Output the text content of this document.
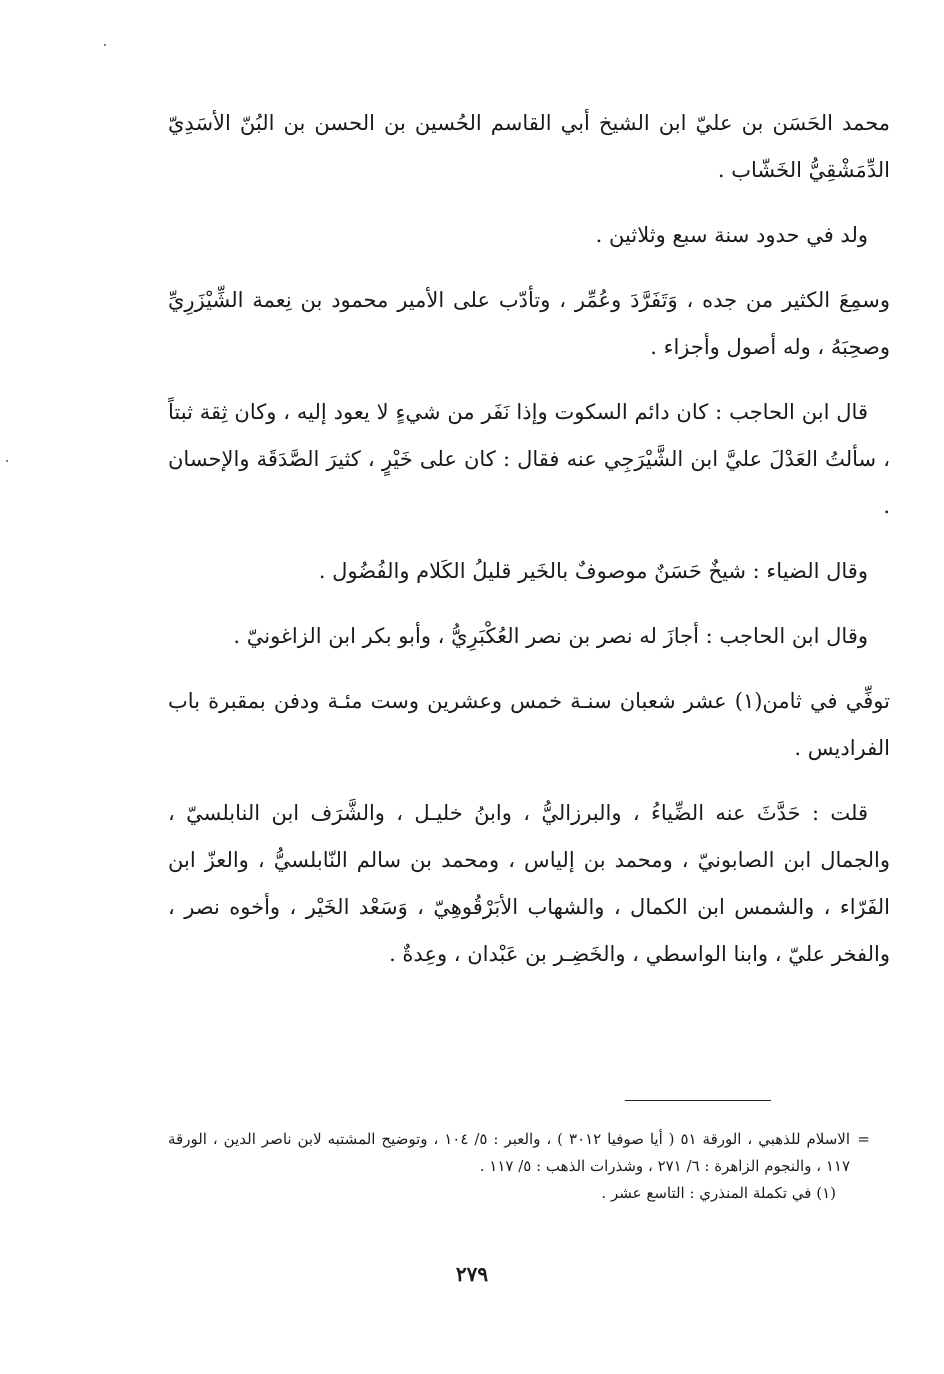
محمد الحَسَن بن عليّ ابن الشيخ أبي القاسم الحُسين بن الحسن بن البُنّ الأسَدِيّ الدِّمَشْقِيُّ الخَشّاب .

ولد في حدود سنة سبع وثلاثين .

وسمِعَ الكثير من جده ، وَتَفَرَّدَ وعُمِّر ، وتأدّب على الأمير محمود بن نِعمة الشِّيْزَرِيِّ وصحِبَهُ ، وله أصول وأجزاء .

قال ابن الحاجب : كان دائم السكوت وإذا نَفَر من شيءٍ لا يعود إليه ، وكان ثِقة ثبتاً ، سألتُ العَدْلَ عليَّ ابن الشَّيْرَجِي عنه فقال : كان على خَيْرٍ ، كثيرَ الصَّدَقَة والإحسان .

وقال الضياء : شيخٌ حَسَنٌ موصوفٌ بالخَير قليلُ الكَلام والفُضُول .

وقال ابن الحاجب : أجازَ له نصر بن نصر العُكْبَرِيُّ ، وأبو بكر ابن الزاغونيّ .

توفِّي في ثامن(١) عشر شعبان سنـة خمس وعشرين وست مئـة ودفن بمقبرة باب الفراديس .

قلت : حَدَّثَ عنه الضِّياءُ ، والبرزاليُّ ، وابنُ خليـل ، والشَّرَف ابن النابلسيّ ، والجمال ابن الصابونيّ ، ومحمد بن إلياس ، ومحمد بن سالم النّابلسيُّ ، والعزّ ابن الفَرّاء ، والشمس ابن الكمال ، والشهاب الأبَرْقُوهِيّ ، وَسَعْد الخَيْر ، وأخوه نصر ، والفخر عليّ ، وابنا الواسطي ، والخَضِـر بن عَبْدان ، وعِدةٌ .

=
الاسلام للذهبي ، الورقة ٥١ ( أيا صوفيا ٣٠١٢ ) ، والعبر : ٥/ ١٠٤ ، وتوضيح المشتبه لابن ناصر الدين ، الورقة ١١٧ ، والنجوم الزاهرة : ٦/ ٢٧١ ، وشذرات الذهب : ٥/ ١١٧ .

(١) في تكملة المنذري : التاسع عشر .

٢٧٩
